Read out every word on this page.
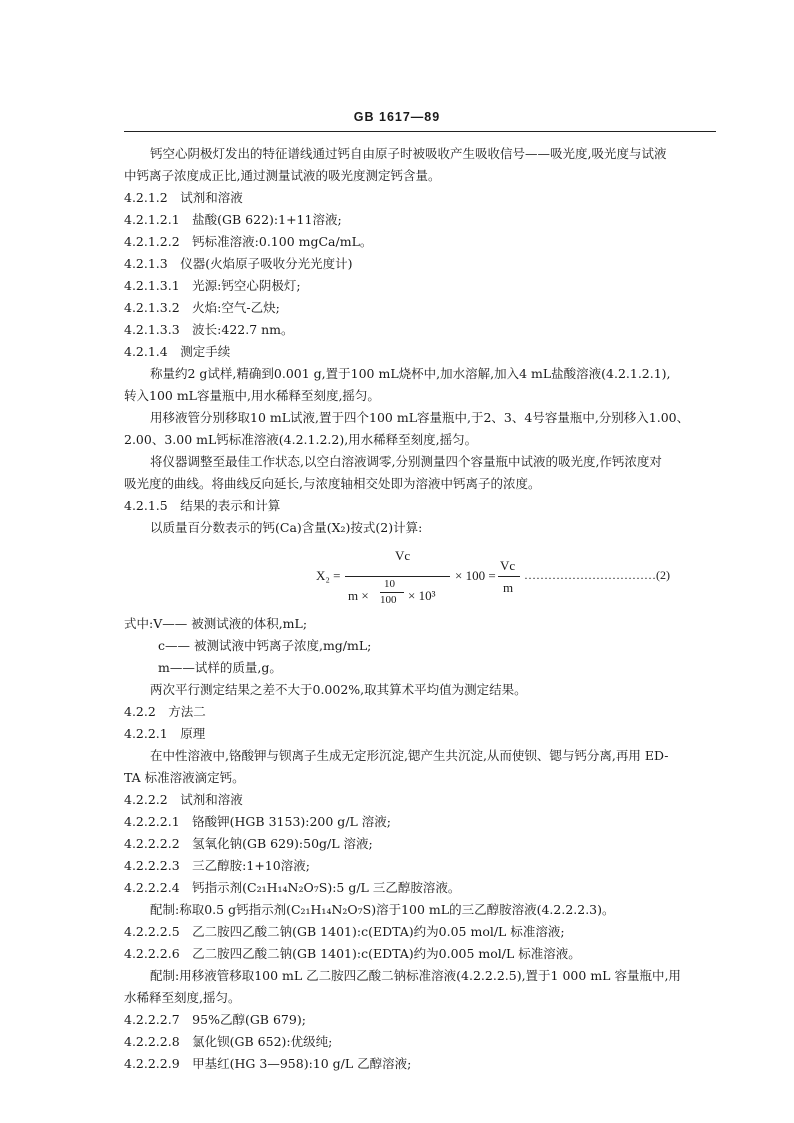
GB 1617—89
钙空心阴极灯发出的特征谱线通过钙自由原子时被吸收产生吸收信号——吸光度,吸光度与试液
中钙离子浓度成正比,通过测量试液的吸光度测定钙含量。
4.2.1.2　试剂和溶液
4.2.1.2.1　盐酸(GB 622):1+11溶液;
4.2.1.2.2　钙标准溶液:0.100 mgCa/mL。
4.2.1.3　仪器(火焰原子吸收分光光度计)
4.2.1.3.1　光源:钙空心阴极灯;
4.2.1.3.2　火焰:空气-乙炔;
4.2.1.3.3　波长:422.7 nm。
4.2.1.4　测定手续
称量约2 g试样,精确到0.001 g,置于100 mL烧杯中,加水溶解,加入4 mL盐酸溶液(4.2.1.2.1),
转入100 mL容量瓶中,用水稀释至刻度,摇匀。
用移液管分别移取10 mL试液,置于四个100 mL容量瓶中,于2、3、4号容量瓶中,分别移入1.00、
2.00、3.00 mL钙标准溶液(4.2.1.2.2),用水稀释至刻度,摇匀。
将仪器调整至最佳工作状态,以空白溶液调零,分别测量四个容量瓶中试液的吸光度,作钙浓度对
吸光度的曲线。将曲线反向延长,与浓度轴相交处即为溶液中钙离子的浓度。
4.2.1.5　结果的表示和计算
以质量百分数表示的钙(Ca)含量(X₂)按式(2)计算:
X₂ =
Vc
m ×
10
100 × 10³
× 100 =
Vc
m
……………………………(2)
式中:V—— 被测试液的体积,mL;
c—— 被测试液中钙离子浓度,mg/mL;
m——试样的质量,g。
两次平行测定结果之差不大于0.002%,取其算术平均值为测定结果。
4.2.2　方法二
4.2.2.1　原理
在中性溶液中,铬酸钾与钡离子生成无定形沉淀,锶产生共沉淀,从而使钡、锶与钙分离,再用 ED-
TA 标准溶液滴定钙。
4.2.2.2　试剂和溶液
4.2.2.2.1　铬酸钾(HGB 3153):200 g/L 溶液;
4.2.2.2.2　氢氧化钠(GB 629):50g/L 溶液;
4.2.2.2.3　三乙醇胺:1+10溶液;
4.2.2.2.4　钙指示剂(C₂₁H₁₄N₂O₇S):5 g/L 三乙醇胺溶液。
配制:称取0.5 g钙指示剂(C₂₁H₁₄N₂O₇S)溶于100 mL的三乙醇胺溶液(4.2.2.2.3)。
4.2.2.2.5　乙二胺四乙酸二钠(GB 1401):c(EDTA)约为0.05 mol/L 标准溶液;
4.2.2.2.6　乙二胺四乙酸二钠(GB 1401):c(EDTA)约为0.005 mol/L 标准溶液。
配制:用移液管移取100 mL 乙二胺四乙酸二钠标准溶液(4.2.2.2.5),置于1 000 mL 容量瓶中,用
水稀释至刻度,摇匀。
4.2.2.2.7　95%乙醇(GB 679);
4.2.2.2.8　氯化钡(GB 652):优级纯;
4.2.2.2.9　甲基红(HG 3—958):10 g/L 乙醇溶液;
